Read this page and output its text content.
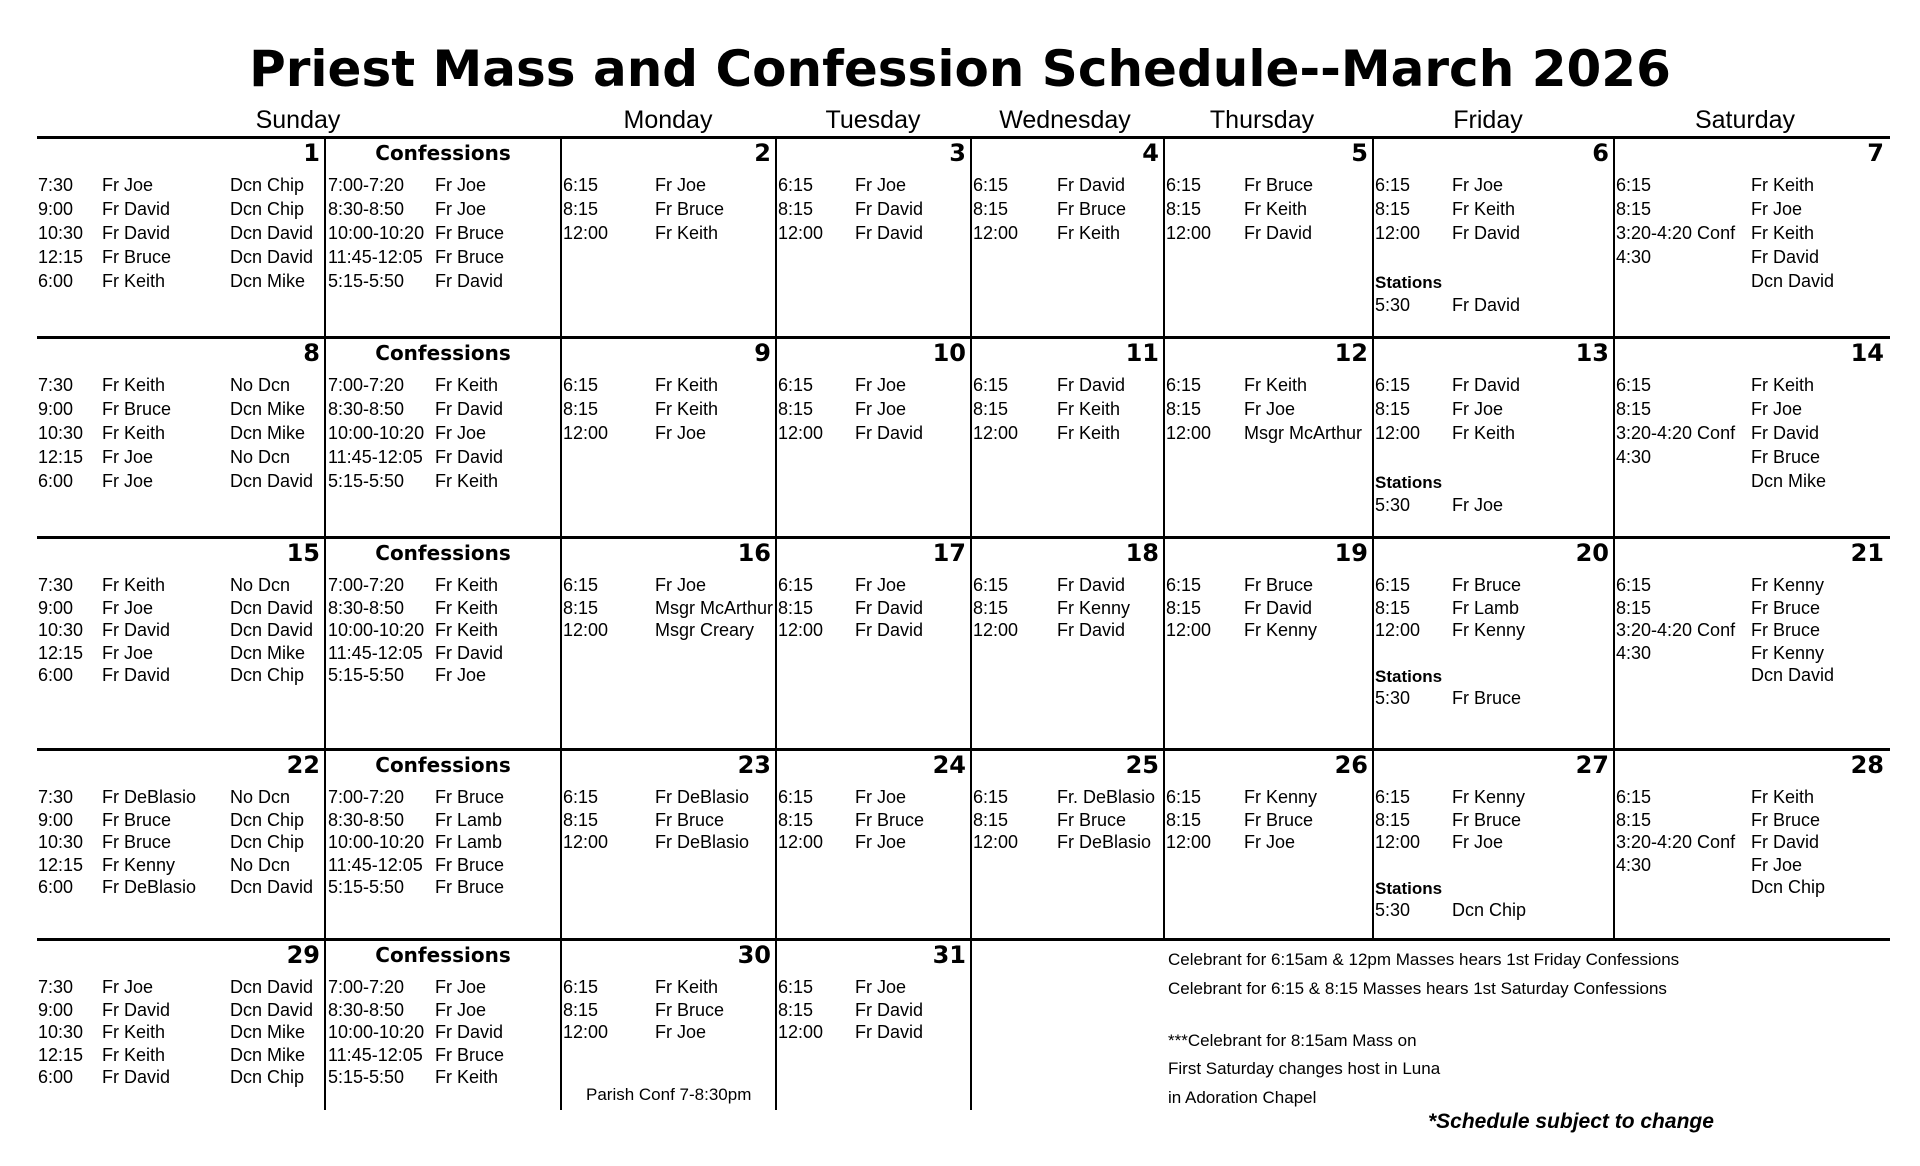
Priest Mass and Confession Schedule--March 2026
Sunday	Monday	Tuesday	Wednesday	Thursday	Friday	Saturday
1
7:30 Fr Joe	Dcn Chip
9:00 Fr David	Dcn Chip
10:30 Fr David	Dcn David
12:15 Fr Bruce	Dcn David
6:00 Fr Keith	Dcn Mike
Confessions
7:00-7:20 Fr Joe
8:30-8:50 Fr Joe
10:00-10:20 Fr Bruce
11:45-12:05 Fr Bruce
5:15-5:50 Fr David
2
6:15	Fr Joe
8:15	Fr Bruce
12:00	Fr Keith
3
6:15 Fr Joe
8:15 Fr David
12:00 Fr David
4
6:15	Fr David
8:15	Fr Bruce
12:00 Fr Keith
5
6:15 Fr Bruce
8:15 Fr Keith
12:00 Fr David
6
6:15 Fr Joe
8:15 Fr Keith
12:00 Fr David
Stations
5:30 Fr David
7
6:15	Fr Keith
8:15	Fr Joe
3:20-4:20 Conf Fr Keith
4:30	Fr David
Dcn David
8
7:30 Fr Keith	No Dcn
9:00 Fr Bruce	Dcn Mike
10:30 Fr Keith	Dcn Mike
12:15 Fr Joe	No Dcn
6:00 Fr Joe	Dcn David
Confessions
7:00-7:20 Fr Keith
8:30-8:50 Fr David
10:00-10:20 Fr Joe
11:45-12:05 Fr David
5:15-5:50 Fr Keith
9
6:15	Fr Keith
8:15	Fr Keith
12:00	Fr Joe
10
6:15 Fr Joe
8:15 Fr Joe
12:00 Fr David
11
6:15	Fr David
8:15	Fr Keith
12:00 Fr Keith
12
6:15 Fr Keith
8:15 Fr Joe
12:00 Msgr McArthur
13
6:15 Fr David
8:15 Fr Joe
12:00 Fr Keith
Stations
5:30 Fr Joe
14
6:15	Fr Keith
8:15	Fr Joe
3:20-4:20 Conf Fr David
4:30	Fr Bruce
Dcn Mike
15
7:30 Fr Keith	No Dcn
9:00 Fr Joe	Dcn David
10:30 Fr David	Dcn David
12:15 Fr Joe	Dcn Mike
6:00 Fr David	Dcn Chip
Confessions
7:00-7:20 Fr Keith
8:30-8:50 Fr Keith
10:00-10:20 Fr Keith
11:45-12:05 Fr David
5:15-5:50 Fr Joe
16
6:15	Fr Joe
8:15	Msgr McArthur
12:00	Msgr Creary
17
6:15 Fr Joe
8:15 Fr David
12:00 Fr David
18
6:15	Fr David
8:15	Fr Kenny
12:00 Fr David
19
6:15 Fr Bruce
8:15 Fr David
12:00 Fr Kenny
20
6:15 Fr Bruce
8:15 Fr Lamb
12:00 Fr Kenny
Stations
5:30 Fr Bruce
21
6:15	Fr Kenny
8:15	Fr Bruce
3:20-4:20 Conf Fr Bruce
4:30	Fr Kenny
Dcn David
22
7:30 Fr DeBlasio No Dcn
9:00 Fr Bruce	Dcn Chip
10:30 Fr Bruce	Dcn Chip
12:15 Fr Kenny	No Dcn
6:00 Fr DeBlasio Dcn David
Confessions
7:00-7:20 Fr Bruce
8:30-8:50 Fr Lamb
10:00-10:20 Fr Lamb
11:45-12:05 Fr Bruce
5:15-5:50 Fr Bruce
23
6:15	Fr DeBlasio
8:15	Fr Bruce
12:00	Fr DeBlasio
24
6:15 Fr Joe
8:15 Fr Bruce
12:00 Fr Joe
25
6:15	Fr. DeBlasio
8:15	Fr Bruce
12:00 Fr DeBlasio
26
6:15 Fr Kenny
8:15 Fr Bruce
12:00 Fr Joe
27
6:15 Fr Kenny
8:15 Fr Bruce
12:00 Fr Joe
Stations
5:30 Dcn Chip
28
6:15	Fr Keith
8:15	Fr Bruce
3:20-4:20 Conf Fr David
4:30	Fr Joe
Dcn Chip
29
7:30 Fr Joe	Dcn David
9:00 Fr David	Dcn David
10:30 Fr Keith	Dcn Mike
12:15 Fr Keith	Dcn Mike
6:00 Fr David	Dcn Chip
Confessions
7:00-7:20 Fr Joe
8:30-8:50 Fr Joe
10:00-10:20 Fr David
11:45-12:05 Fr Bruce
5:15-5:50 Fr Keith
30
6:15	Fr Keith
8:15	Fr Bruce
12:00	Fr Joe
Parish Conf 7-8:30pm
31
6:15 Fr Joe
8:15 Fr David
12:00 Fr David
Celebrant for 6:15am & 12pm Masses hears 1st Friday Confessions
Celebrant for 6:15 & 8:15 Masses hears 1st Saturday Confessions
***Celebrant for 8:15am Mass on
First Saturday changes host in Luna
in Adoration Chapel
*Schedule subject to change
